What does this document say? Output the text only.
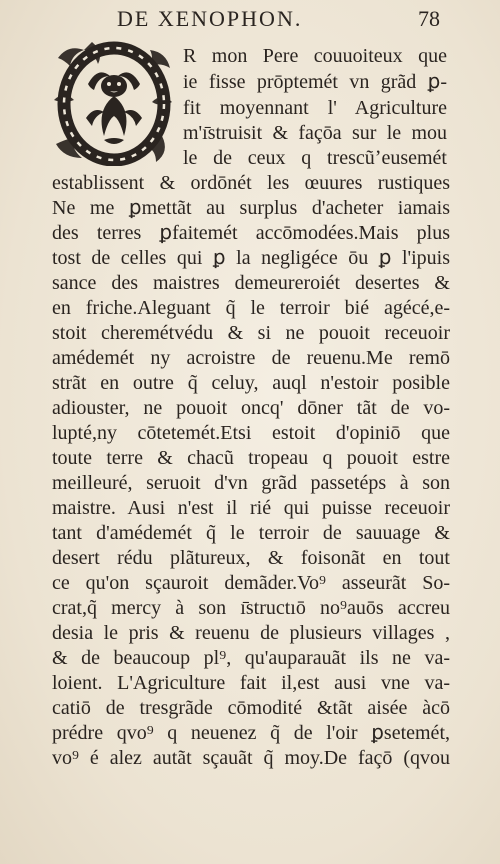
DE XENOPHON.	78
R mon Pere couuoiteux que
ie fisse prōptemét vn grãd ꝑ-
fit moyennant l' Agriculture
m'ı̄struisit & façōa sur le mou
le de ceux q trescũʼeusemét
establissent & ordōnét les œuures rustiques
Ne me ꝑmettãt au surplus d'acheter iamais
des terres ꝑfaitemét accōmodées.Mais plus
tost de celles qui ꝑ la negligéce ōu ꝑ l'ipuis
sance des maistres demeureroiét desertes &
en friche.Aleguant q̃ le terroir bié agécé,e-
stoit cheremétvédu & si ne pouoit receuoir
amédemét ny acroistre de reuenu.Me remō
strãt en outre q̃ celuy, auql n'estoir posible
adiouster, ne pouoit oncq' dōner tãt de vo-
lupté,ny cōtetemét.Etsi estoit d'opiniō que
toute terre & chacũ tropeau q pouoit estre
meilleuré, seruoit d'vn grãd passetéps à son
maistre. Ausi n'est il rié qui puisse receuoir
tant d'amédemét q̃ le terroir de sauuage &
desert rédu plãtureux, & foisonãt en tout
ce qu'on sçauroit demãder.Vo⁹ asseurãt So-
crat,q̃ mercy à son ı̄structıō no⁹auōs accreu
desia le pris & reuenu de plusieurs villages ,
& de beaucoup pl⁹, qu'auparauãt ils ne va-
loient. L'Agriculture fait il,est ausi vne va-
catiō de tresgrãde cōmodité &tãt aisée àcō
prédre qvo⁹ q neuenez q̃ de l'oir ꝑsetemét,
vo⁹ é alez autãt sçauãt q̃ moy.De façō (qvou
